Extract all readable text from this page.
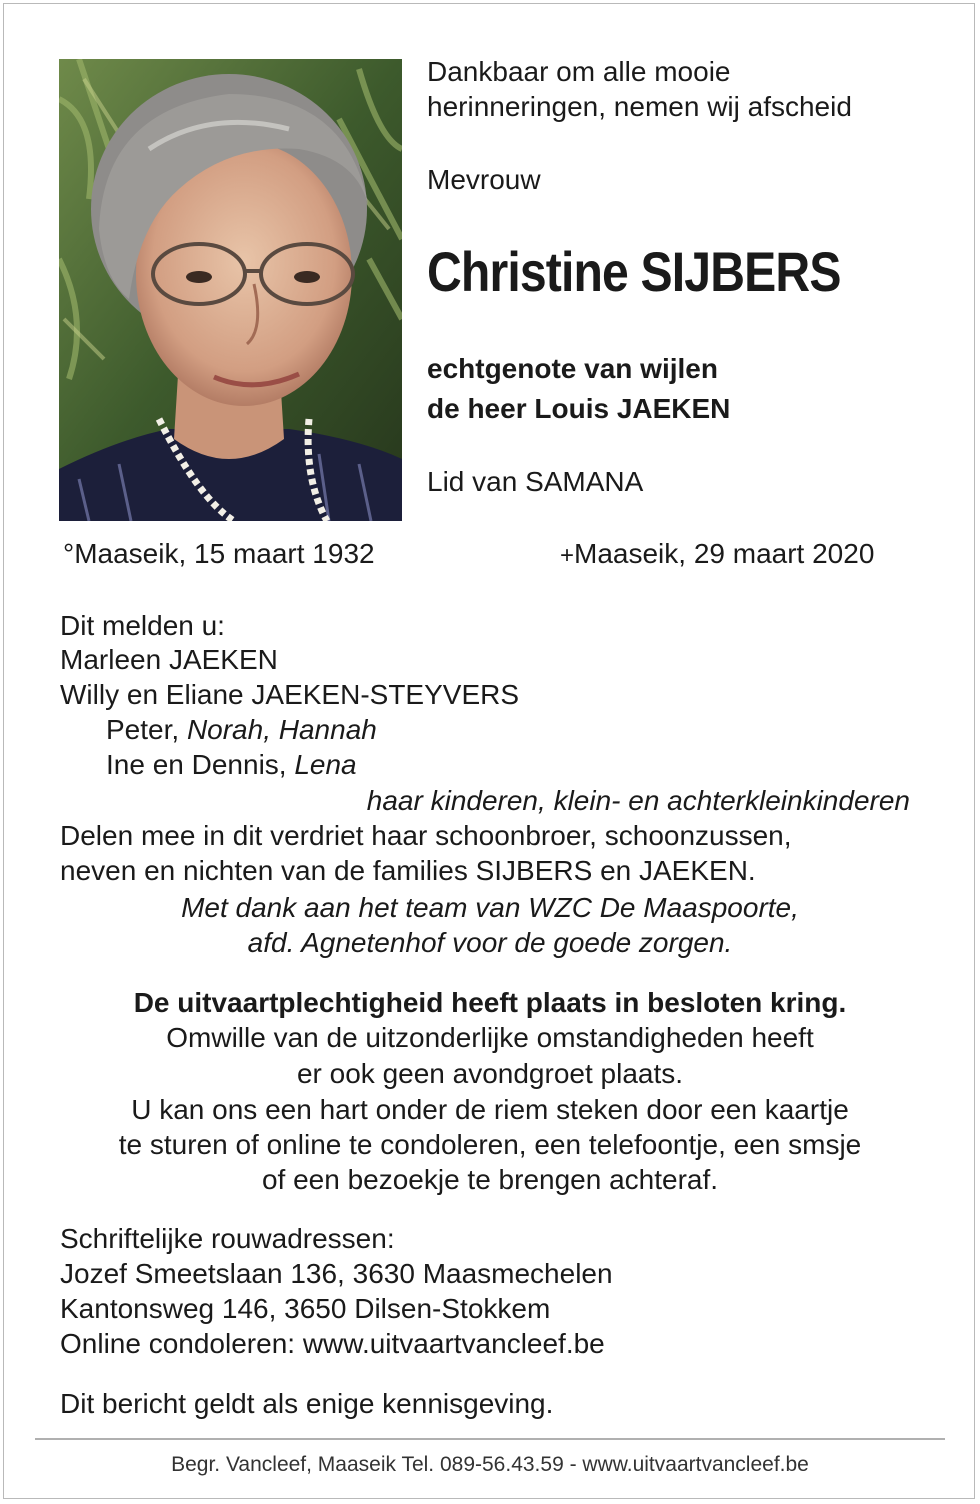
Dankbaar om alle mooie
herinneringen, nemen wij afscheid
Mevrouw
Christine SIJBERS
echtgenote van wijlen
de heer Louis JAEKEN
Lid van SAMANA
°Maaseik, 15 maart 1932	+Maaseik, 29 maart 2020
Dit melden u:
Marleen JAEKEN
Willy en Eliane JAEKEN-STEYVERS
Peter, Norah, Hannah
Ine en Dennis, Lena
haar kinderen, klein- en achterkleinkinderen
Delen mee in dit verdriet haar schoonbroer, schoonzussen,
neven en nichten van de families SIJBERS en JAEKEN.
Met dank aan het team van WZC De Maaspoorte,
afd. Agnetenhof voor de goede zorgen.
De uitvaartplechtigheid heeft plaats in besloten kring.
Omwille van de uitzonderlijke omstandigheden heeft
er ook geen avondgroet plaats.
U kan ons een hart onder de riem steken door een kaartje
te sturen of online te condoleren, een telefoontje, een smsje
of een bezoekje te brengen achteraf.
Schriftelijke rouwadressen:
Jozef Smeetslaan 136, 3630 Maasmechelen
Kantonsweg 146, 3650 Dilsen-Stokkem
Online condoleren: www.uitvaartvancleef.be
Dit bericht geldt als enige kennisgeving.
Begr. Vancleef, Maaseik Tel. 089-56.43.59 - www.uitvaartvancleef.be
